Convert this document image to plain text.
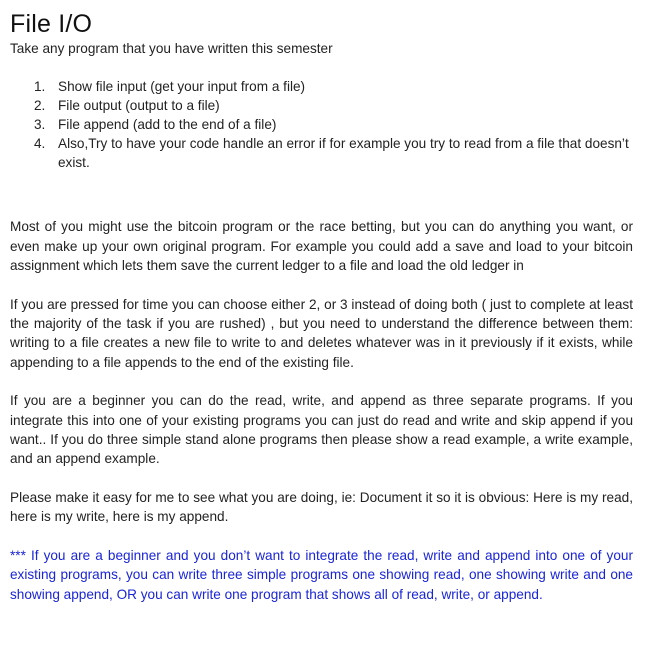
File I/O

Take any program that you have written this semester

1. Show file input (get your input from a file)
2. File output (output to a file)
3. File append (add to the end of a file)
4. Also,Try to have your code handle an error if for example you try to read from a file that doesn’t exist.

Most of you might use the bitcoin program or the race betting, but you can do anything you want, or even make up your own original program. For example you could add a save and load to your bitcoin assignment which lets them save the current ledger to a file and load the old ledger in

If you are pressed for time you can choose either 2, or 3 instead of doing both ( just to complete at least the majority of the task if you are rushed) , but you need to understand the difference between them: writing to a file creates a new file to write to and deletes whatever was in it previously if it exists, while appending to a file appends to the end of the existing file.

If you are a beginner you can do the read, write, and append as three separate programs. If you integrate this into one of your existing programs you can just do read and write and skip append if you want.. If you do three simple stand alone programs then please show a read example, a write example, and an append example.

Please make it easy for me to see what you are doing, ie: Document it so it is obvious: Here is my read, here is my write, here is my append.

*** If you are a beginner and you don’t want to integrate the read, write and append into one of your existing programs, you can write three simple programs one showing read, one showing write and one showing append, OR you can write one program that shows all of read, write, or append.
